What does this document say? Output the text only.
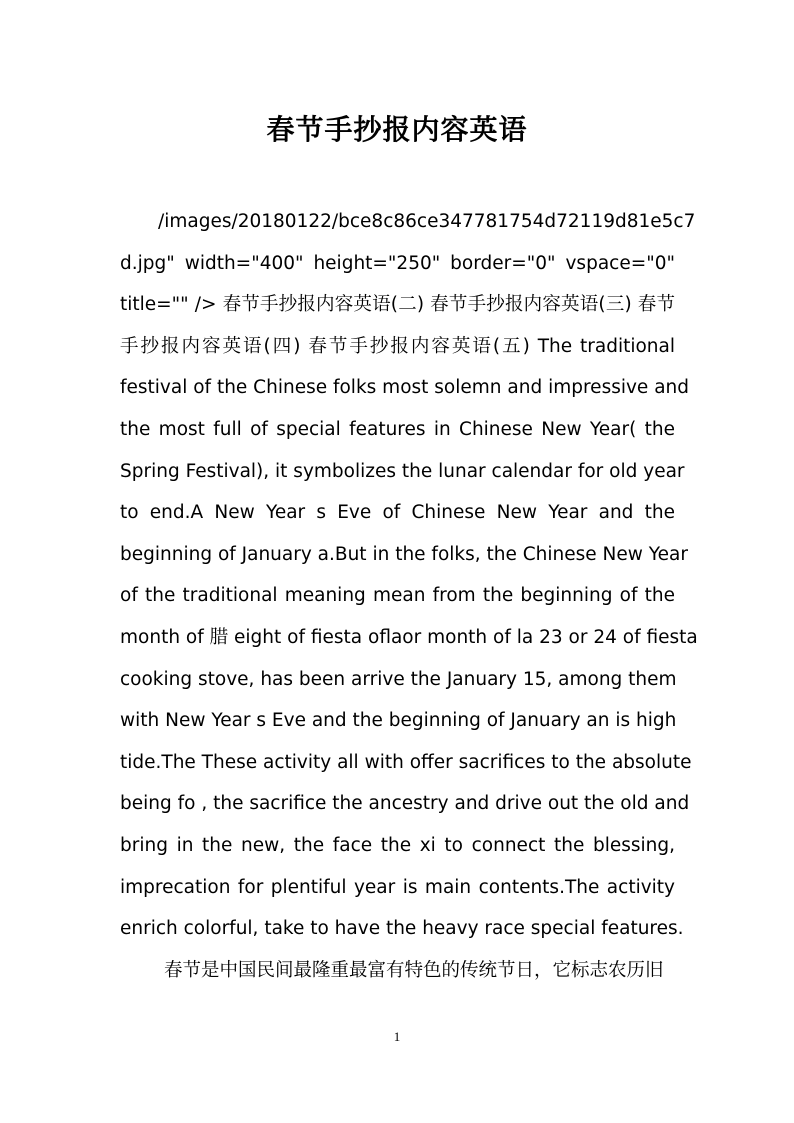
春节手抄报内容英语
/images/20180122/bce8c86ce347781754d72119d81e5c7
d.jpg" width="400" height="250" border="0" vspace="0"
title="" /> 春节手抄报内容英语(二) 春节手抄报内容英语(三) 春节
手抄报内容英语(四) 春节手抄报内容英语(五) The traditional
festival of the Chinese folks most solemn and impressive and
the most full of special features in Chinese New Year( the
Spring Festival), it symbolizes the lunar calendar for old year
to end.A New Year s Eve of Chinese New Year and the
beginning of January a.But in the folks, the Chinese New Year
of the traditional meaning mean from the beginning of the
month of 腊 eight of fiesta oflaor month of la 23 or 24 of fiesta
cooking stove, has been arrive the January 15, among them
with New Year s Eve and the beginning of January an is high
tide.The These activity all with offer sacrifices to the absolute
being fo , the sacrifice the ancestry and drive out the old and
bring in the new, the face the xi to connect the blessing,
imprecation for plentiful year is main contents.The activity
enrich colorful, take to have the heavy race special features.
春节是中国民间最隆重最富有特色的传统节日，它标志农历旧
1
